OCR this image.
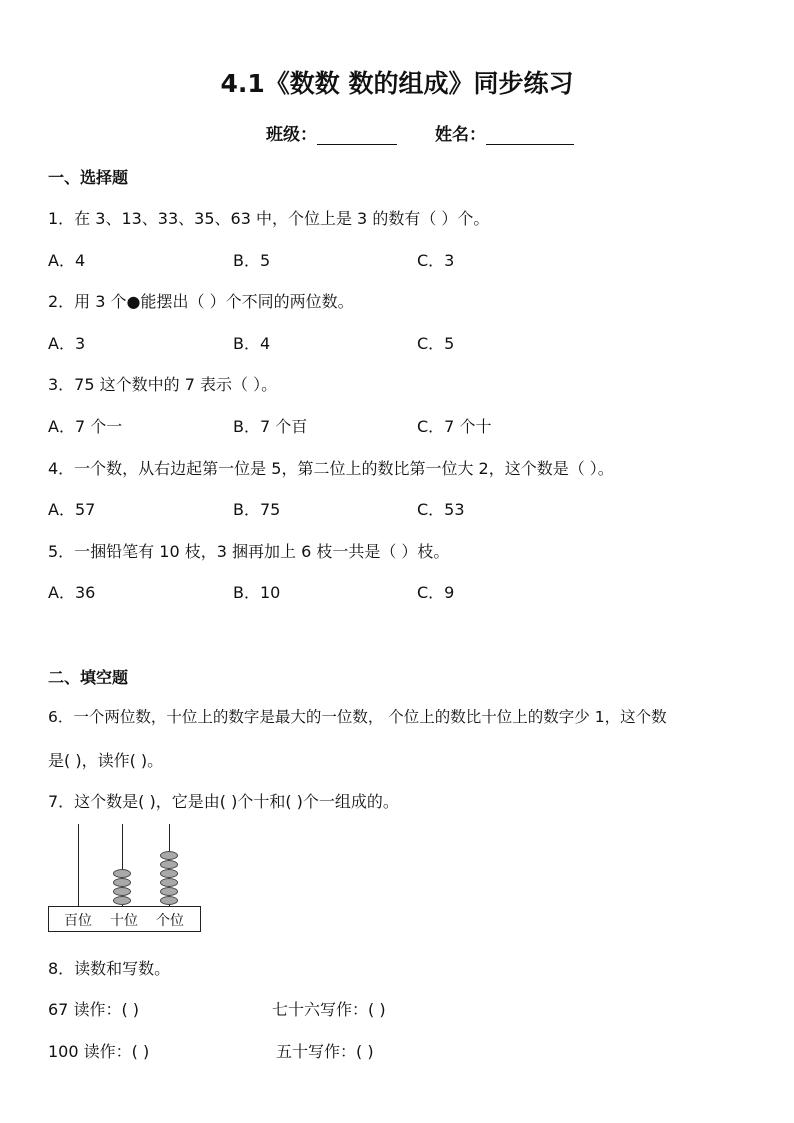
4.1《数数 数的组成》同步练习
班级：	姓名：
一、选择题
1．在 3、13、33、35、63 中，个位上是 3 的数有（ ）个。
A．4	B．5	C．3
2．用 3 个●能摆出（ ）个不同的两位数。
A．3	B．4	C．5
3．75 这个数中的 7 表示（ ）。
A．7 个一	B．7 个百	C．7 个十
4．一个数，从右边起第一位是 5，第二位上的数比第一位大 2，这个数是（ ）。
A．57	B．75	C．53
5．一捆铅笔有 10 枝，3 捆再加上 6 枝一共是（ ）枝。
A．36	B．10	C．9
二、填空题
6．一个两位数，十位上的数字是最大的一位数， 个位上的数比十位上的数字少 1，这个数
是( )，读作( )。
7．这个数是( )，它是由( )个十和( )个一组成的。
百位 十位 个位
8．读数和写数。
67 读作：( )	七十六写作：( )
100 读作：( )	五十写作：( )
